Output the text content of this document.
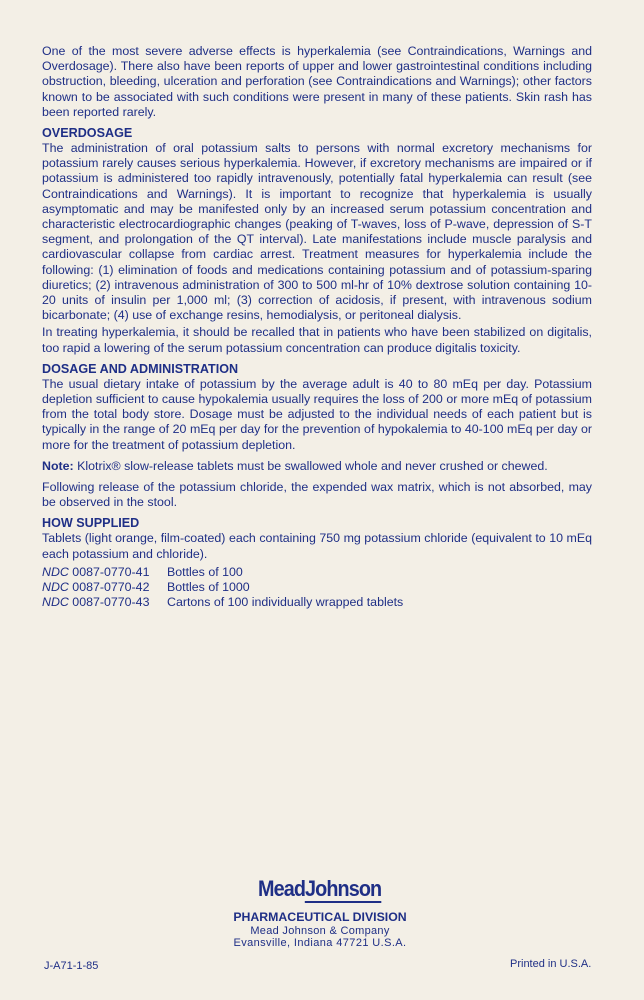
One of the most severe adverse effects is hyperkalemia (see Contraindications, Warnings and Overdosage). There also have been reports of upper and lower gastrointestinal conditions including obstruction, bleeding, ulceration and perforation (see Contraindications and Warnings); other factors known to be associated with such conditions were present in many of these patients. Skin rash has been reported rarely.

OVERDOSAGE

The administration of oral potassium salts to persons with normal excretory mechanisms for potassium rarely causes serious hyperkalemia. However, if excretory mechanisms are impaired or if potassium is administered too rapidly intravenously, potentially fatal hyperkalemia can result (see Contraindications and Warnings). It is important to recognize that hyperkalemia is usually asymptomatic and may be manifested only by an increased serum potassium concentration and characteristic electrocardiographic changes (peaking of T-waves, loss of P-wave, depression of S-T segment, and prolongation of the QT interval). Late manifestations include muscle paralysis and cardiovascular collapse from cardiac arrest. Treatment measures for hyperkalemia include the following: (1) elimination of foods and medications containing potassium and of potassium-sparing diuretics; (2) intravenous administration of 300 to 500 ml-hr of 10% dextrose solution containing 10-20 units of insulin per 1,000 ml; (3) correction of acidosis, if present, with intravenous sodium bicarbonate; (4) use of exchange resins, hemodialysis, or peritoneal dialysis.

In treating hyperkalemia, it should be recalled that in patients who have been stabilized on digitalis, too rapid a lowering of the serum potassium concentration can produce digitalis toxicity.

DOSAGE AND ADMINISTRATION

The usual dietary intake of potassium by the average adult is 40 to 80 mEq per day. Potassium depletion sufficient to cause hypokalemia usually requires the loss of 200 or more mEq of potassium from the total body store. Dosage must be adjusted to the individual needs of each patient but is typically in the range of 20 mEq per day for the prevention of hypokalemia to 40-100 mEq per day or more for the treatment of potassium depletion.

Note: Klotrix® slow-release tablets must be swallowed whole and never crushed or chewed.

Following release of the potassium chloride, the expended wax matrix, which is not absorbed, may be observed in the stool.

HOW SUPPLIED

Tablets (light orange, film-coated) each containing 750 mg potassium chloride (equivalent to 10 mEq each potassium and chloride).

NDC 0087-0770-41	Bottles of 100
NDC 0087-0770-42	Bottles of 1000
NDC 0087-0770-43	Cartons of 100 individually wrapped tablets
MeadJohnson
PHARMACEUTICAL DIVISION
Mead Johnson & Company
Evansville, Indiana 47721 U.S.A.
J-A71-1-85	Printed in U.S.A.
